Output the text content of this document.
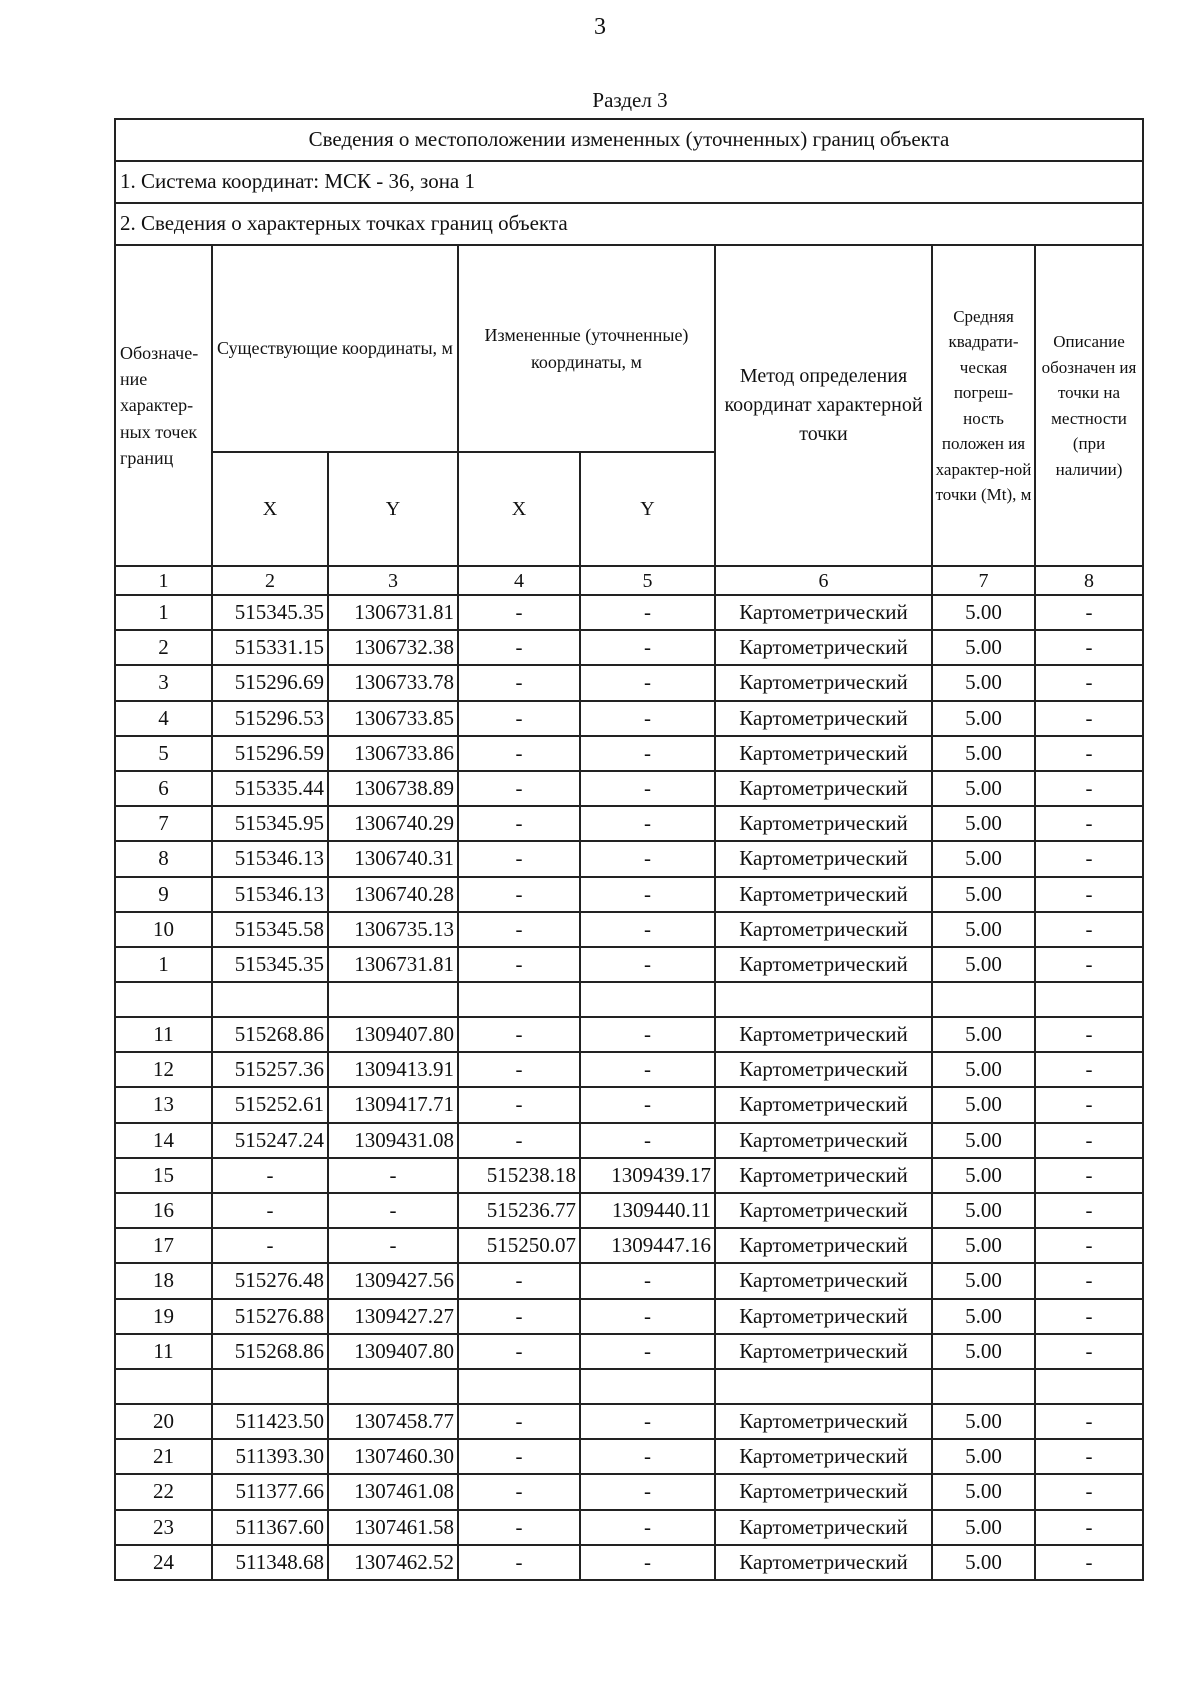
3
Раздел 3
Сведения о местоположении измененных (уточненных) границ объекта							
1. Система координат: МСК - 36, зона 1							
2. Сведения о характерных точках границ объекта							
Обозначе-ние характер-ных точек границ	Существующие координаты, м		Измененные (уточненные) координаты, м		Метод определения координат характерной точки	Средняя квадрати-ческая погреш-ность положен ия характер-ной точки (Mt), м	Описание обозначен ия точки на местности (при наличии)
	X	Y	X	Y			
1	2	3	4	5	6	7	8
1	515345.35	1306731.81	-	-	Картометрический	5.00	-
2	515331.15	1306732.38	-	-	Картометрический	5.00	-
3	515296.69	1306733.78	-	-	Картометрический	5.00	-
4	515296.53	1306733.85	-	-	Картометрический	5.00	-
5	515296.59	1306733.86	-	-	Картометрический	5.00	-
6	515335.44	1306738.89	-	-	Картометрический	5.00	-
7	515345.95	1306740.29	-	-	Картометрический	5.00	-
8	515346.13	1306740.31	-	-	Картометрический	5.00	-
9	515346.13	1306740.28	-	-	Картометрический	5.00	-
10	515345.58	1306735.13	-	-	Картометрический	5.00	-
1	515345.35	1306731.81	-	-	Картометрический	5.00	-

11	515268.86	1309407.80	-	-	Картометрический	5.00	-
12	515257.36	1309413.91	-	-	Картометрический	5.00	-
13	515252.61	1309417.71	-	-	Картометрический	5.00	-
14	515247.24	1309431.08	-	-	Картометрический	5.00	-
15	-	-	515238.18	1309439.17	Картометрический	5.00	-
16	-	-	515236.77	1309440.11	Картометрический	5.00	-
17	-	-	515250.07	1309447.16	Картометрический	5.00	-
18	515276.48	1309427.56	-	-	Картометрический	5.00	-
19	515276.88	1309427.27	-	-	Картометрический	5.00	-
11	515268.86	1309407.80	-	-	Картометрический	5.00	-

20	511423.50	1307458.77	-	-	Картометрический	5.00	-
21	511393.30	1307460.30	-	-	Картометрический	5.00	-
22	511377.66	1307461.08	-	-	Картометрический	5.00	-
23	511367.60	1307461.58	-	-	Картометрический	5.00	-
24	511348.68	1307462.52	-	-	Картометрический	5.00	-
